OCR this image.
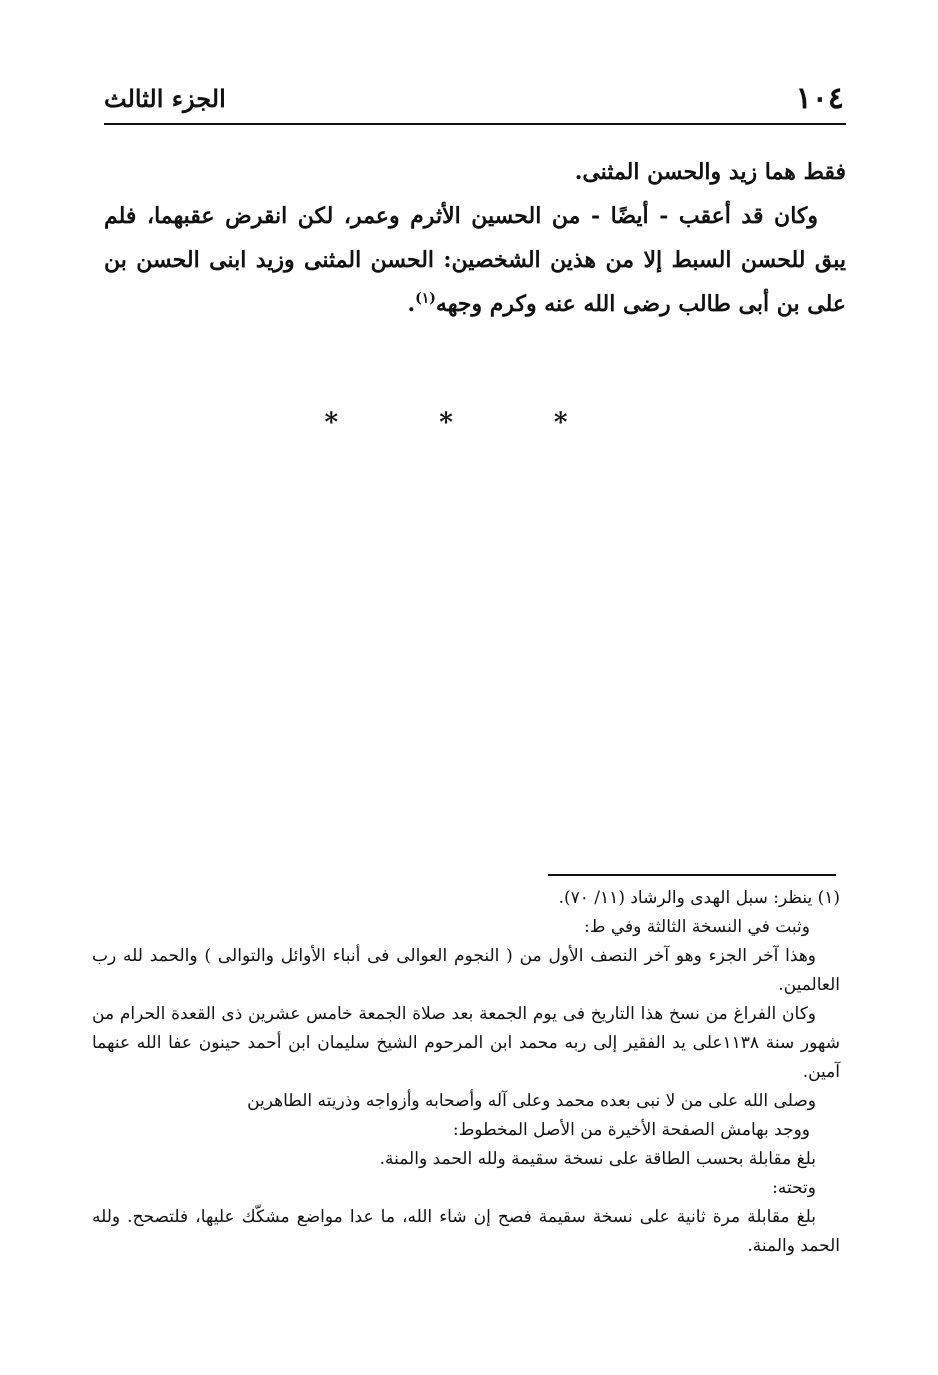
١٠٤
الجزء الثالث

فقط هما زيد والحسن المثنى.

وكان قد أعقب - أيضًا - من الحسين الأثرم وعمر، لكن انقرض عقبهما، فلم يبق للحسن السبط إلا من هذين الشخصين: الحسن المثنى وزيد ابنى الحسن بن على بن أبى طالب رضى الله عنه وكرم وجهه$^{(١)}$.

* * *

(١) ينظر: سبل الهدى والرشاد (١١/ ٧٠).

وثبت في النسخة الثالثة وفي ط:

وهذا آخر الجزء وهو آخر النصف الأول من ( النجوم العوالى فى أنباء الأوائل والتوالى ) والحمد لله رب العالمين.

وكان الفراغ من نسخ هذا التاريخ فى يوم الجمعة بعد صلاة الجمعة خامس عشرين ذى القعدة الحرام من شهور سنة ١١٣٨على يد الفقير إلى ربه محمد ابن المرحوم الشيخ سليمان ابن أحمد حينون عفا الله عنهما آمين.

وصلى الله على من لا نبى بعده محمد وعلى آله وأصحابه وأزواجه وذريته الطاهرين

ووجد بهامش الصفحة الأخيرة من الأصل المخطوط:

بلغ مقابلة بحسب الطاقة على نسخة سقيمة ولله الحمد والمنة.

وتحته:

بلغ مقابلة مرة ثانية على نسخة سقيمة فصح إن شاء الله، ما عدا مواضع مشكّك عليها، فلتصحح. ولله الحمد والمنة.
